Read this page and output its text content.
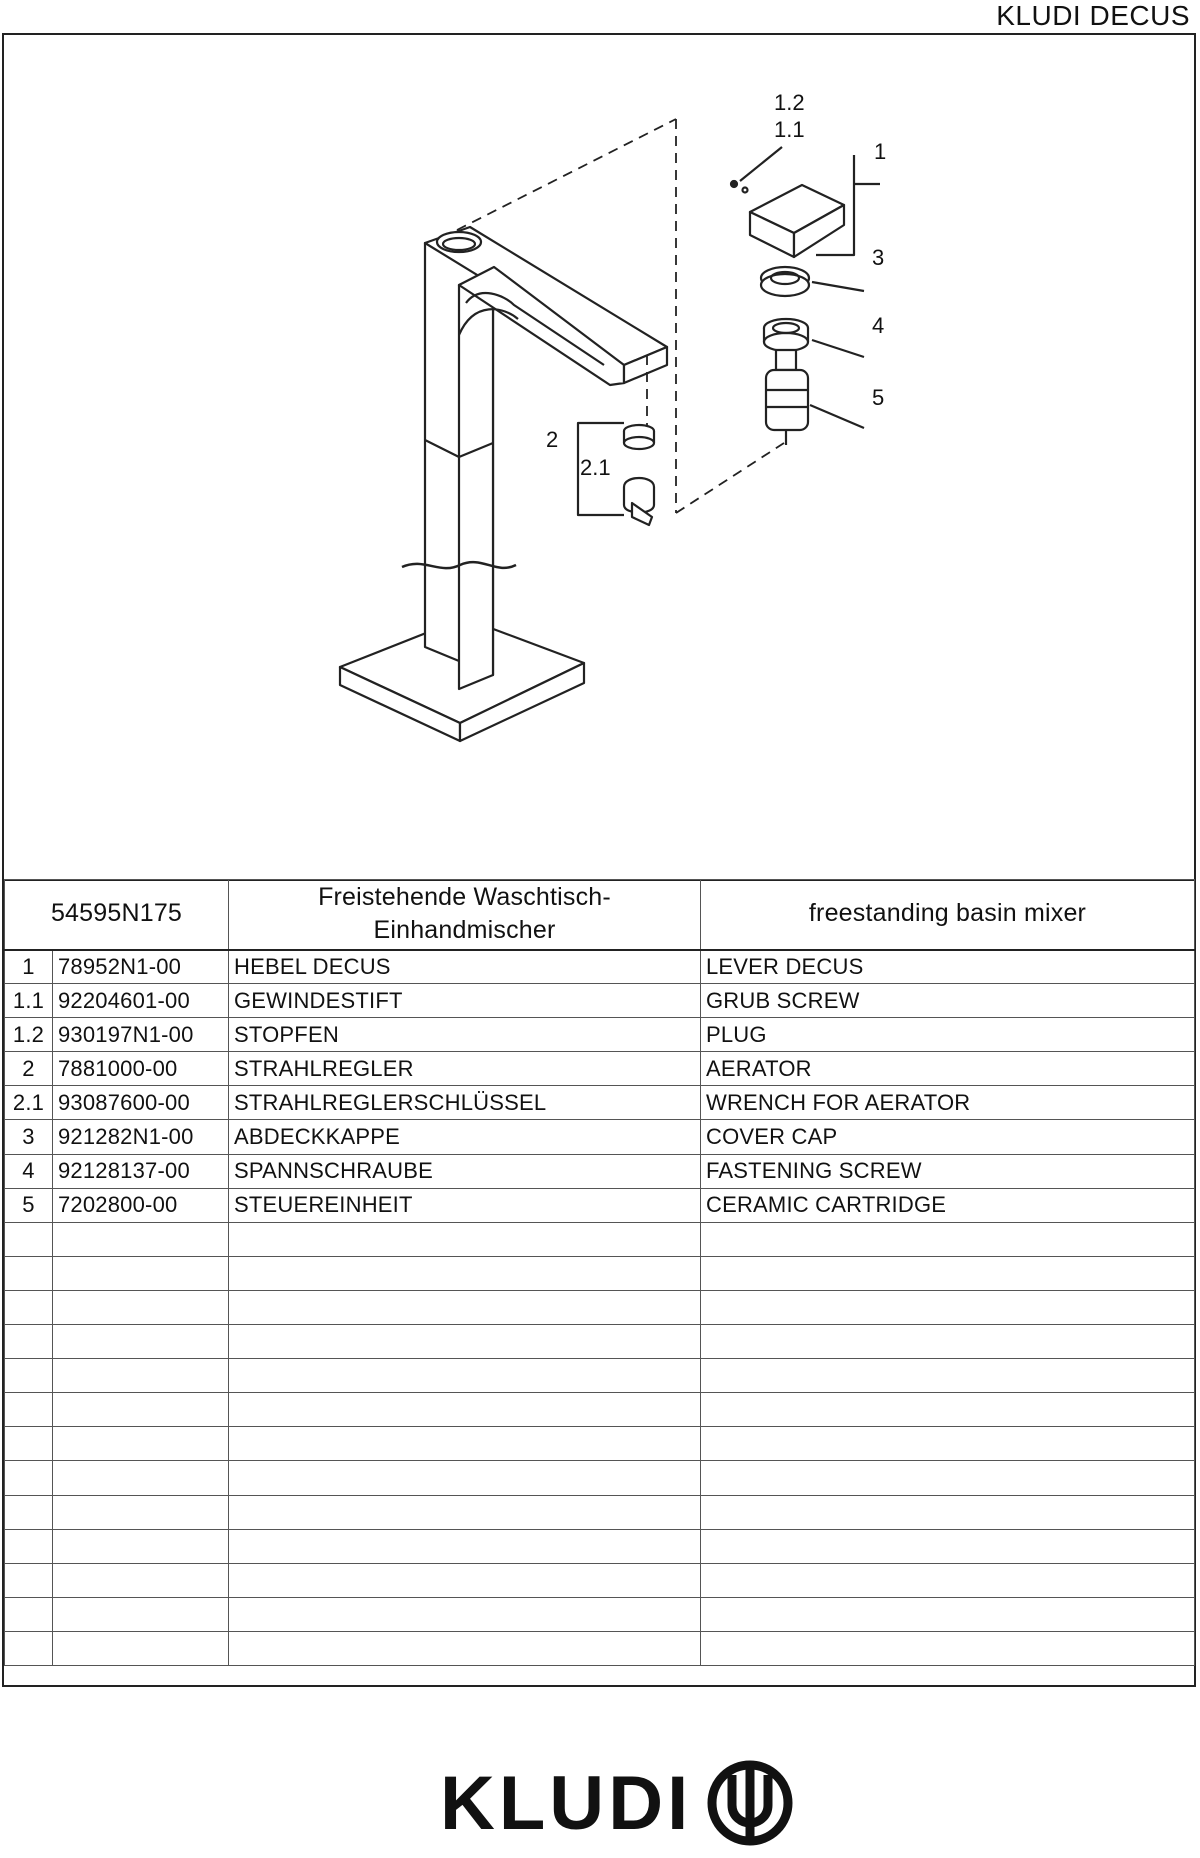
KLUDI DECUS
1.2
1.1
1
3
4
5
2
2.1
54595N175		Freistehende Waschtisch-Einhandmischer	freestanding basin mixer
1	78952N1-00	HEBEL DECUS	LEVER DECUS
1.1	92204601-00	GEWINDESTIFT	GRUB SCREW
1.2	930197N1-00	STOPFEN	PLUG
2	7881000-00	STRAHLREGLER	AERATOR
2.1	93087600-00	STRAHLREGLERSCHLÜSSEL	WRENCH FOR AERATOR
3	921282N1-00	ABDECKKAPPE	COVER CAP
4	92128137-00	SPANNSCHRAUBE	FASTENING SCREW
5	7202800-00	STEUEREINHEIT	CERAMIC CARTRIDGE

KLUDI
